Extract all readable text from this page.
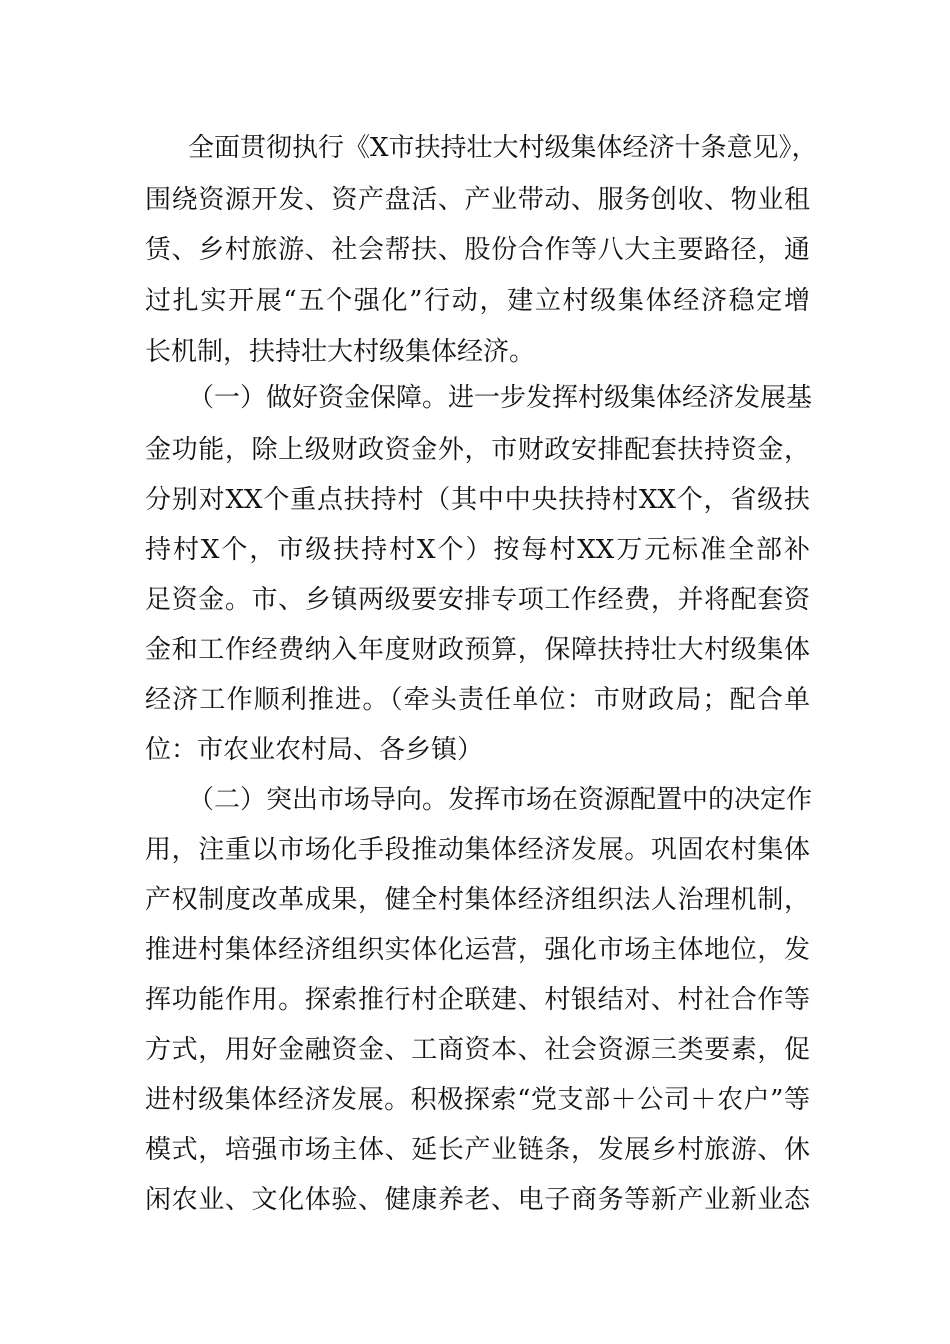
全面贯彻执行《X市扶持壮大村级集体经济十条意见》，
围绕资源开发、资产盘活、产业带动、服务创收、物业租
赁、乡村旅游、社会帮扶、股份合作等八大主要路径，通
过扎实开展“五个强化”行动，建立村级集体经济稳定增
长机制，扶持壮大村级集体经济。
（一）做好资金保障。进一步发挥村级集体经济发展基
金功能，除上级财政资金外，市财政安排配套扶持资金，
分别对XX个重点扶持村（其中中央扶持村XX个，省级扶
持村X个，市级扶持村X个）按每村XX万元标准全部补
足资金。市、乡镇两级要安排专项工作经费，并将配套资
金和工作经费纳入年度财政预算，保障扶持壮大村级集体
经济工作顺利推进。（牵头责任单位：市财政局；配合单
位：市农业农村局、各乡镇）
（二）突出市场导向。发挥市场在资源配置中的决定作
用，注重以市场化手段推动集体经济发展。巩固农村集体
产权制度改革成果，健全村集体经济组织法人治理机制，
推进村集体经济组织实体化运营，强化市场主体地位，发
挥功能作用。探索推行村企联建、村银结对、村社合作等
方式，用好金融资金、工商资本、社会资源三类要素，促
进村级集体经济发展。积极探索“党支部＋公司＋农户”等
模式，培强市场主体、延长产业链条，发展乡村旅游、休
闲农业、文化体验、健康养老、电子商务等新产业新业态
